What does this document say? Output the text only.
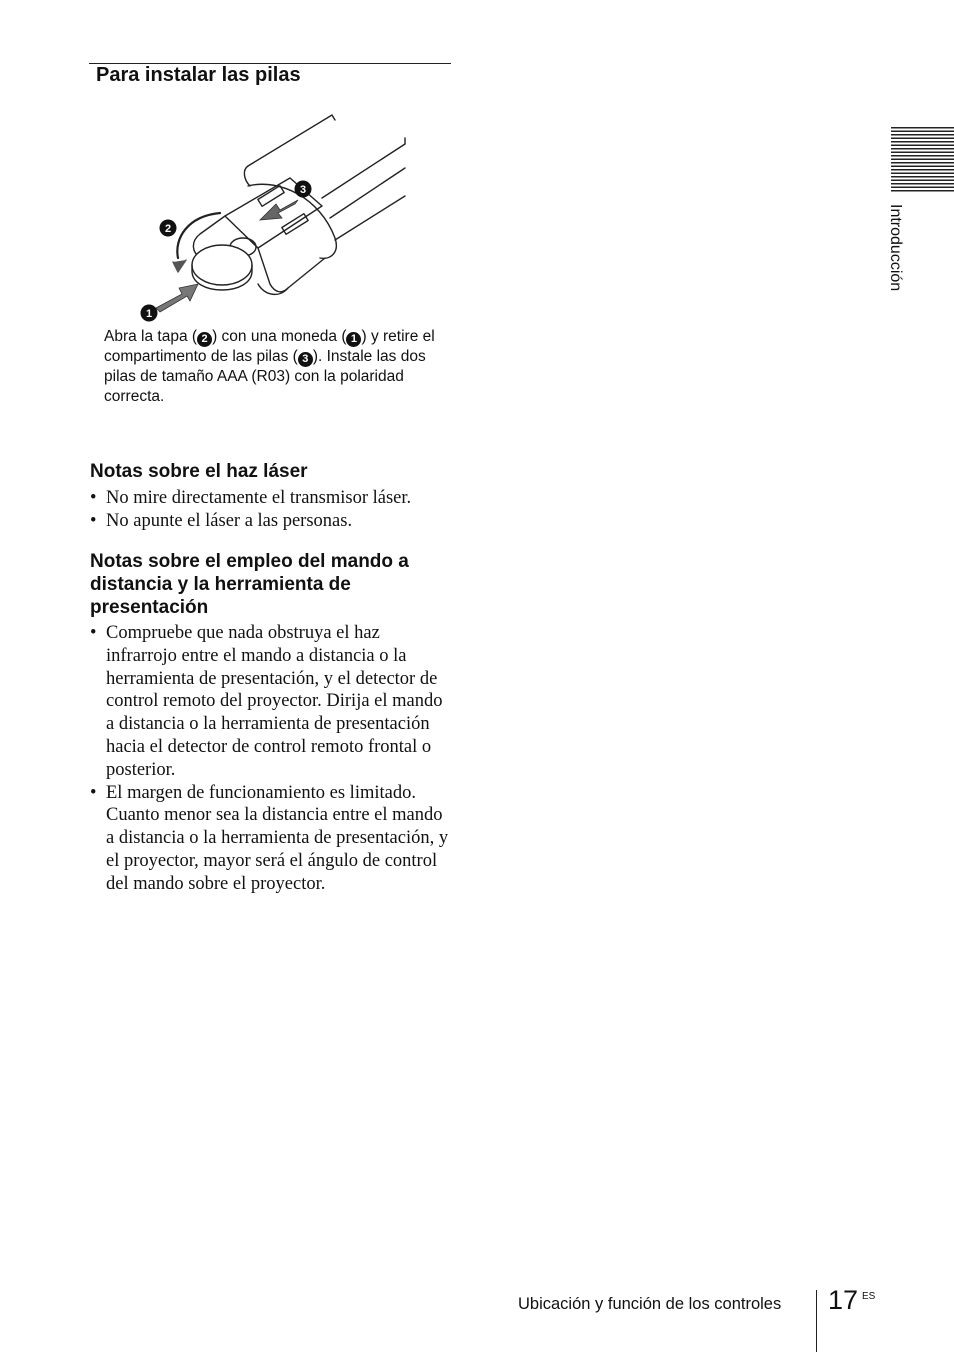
Para instalar las pilas
1
2
3
Abra la tapa ( 2 ) con una moneda ( 1 ) y retire el compartimento de las pilas ( 3 ). Instale las dos pilas de tamaño AAA (R03) con la polaridad correcta.
Notas sobre el haz láser
• No mire directamente el transmisor láser.
• No apunte el láser a las personas.
Notas sobre el empleo del mando a distancia y la herramienta de presentación
• Compruebe que nada obstruya el haz infrarrojo entre el mando a distancia o la herramienta de presentación, y el detector de control remoto del proyector. Dirija el mando a distancia o la herramienta de presentación hacia el detector de control remoto frontal o posterior.
• El margen de funcionamiento es limitado. Cuanto menor sea la distancia entre el mando a distancia o la herramienta de presentación, y el proyector, mayor será el ángulo de control del mando sobre el proyector.
Introducción
Ubicación y función de los controles 17 ES
